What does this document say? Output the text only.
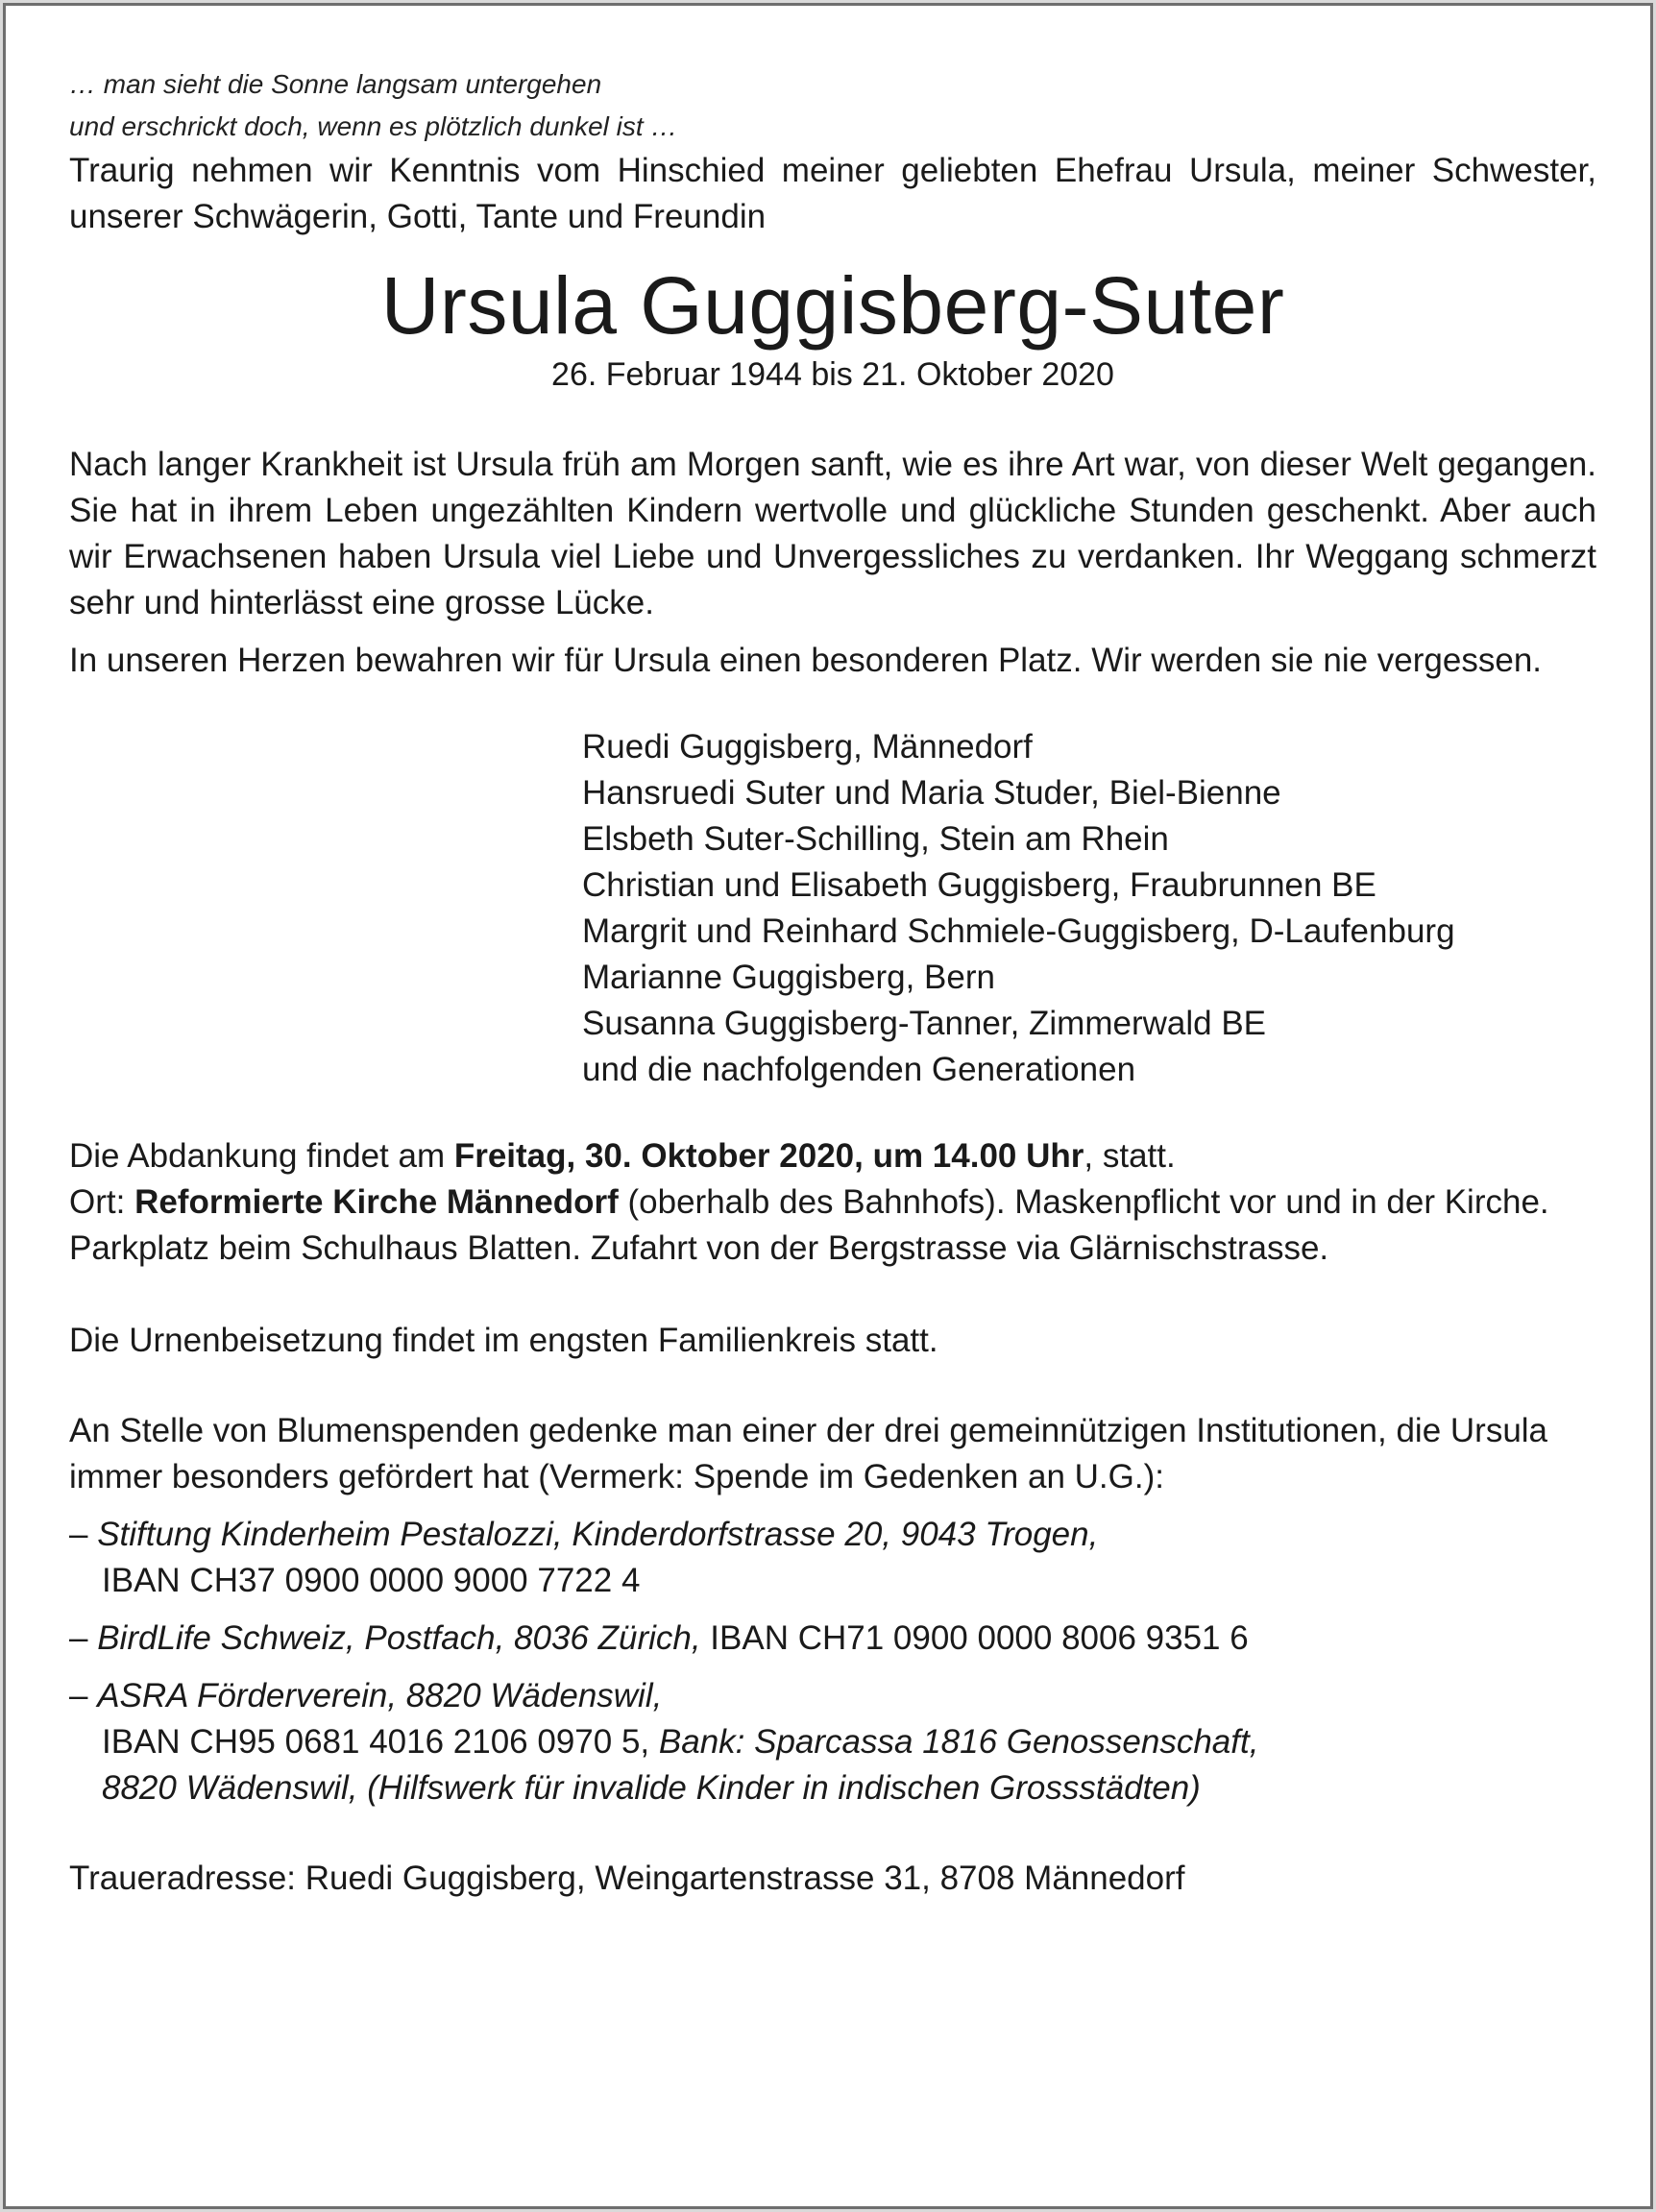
… man sieht die Sonne langsam untergehen
und erschrickt doch, wenn es plötzlich dunkel ist …

Traurig nehmen wir Kenntnis vom Hinschied meiner geliebten Ehefrau Ursula, meiner Schwester, unserer Schwägerin, Gotti, Tante und Freundin

Ursula Guggisberg-Suter
26. Februar 1944 bis 21. Oktober 2020

Nach langer Krankheit ist Ursula früh am Morgen sanft, wie es ihre Art war, von dieser Welt gegangen. Sie hat in ihrem Leben ungezählten Kindern wertvolle und glückliche Stunden geschenkt. Aber auch wir Erwachsenen haben Ursula viel Liebe und Unvergessliches zu verdanken. Ihr Weggang schmerzt sehr und hinterlässt eine grosse Lücke.

In unseren Herzen bewahren wir für Ursula einen besonderen Platz. Wir werden sie nie vergessen.

Ruedi Guggisberg, Männedorf
Hansruedi Suter und Maria Studer, Biel-Bienne
Elsbeth Suter-Schilling, Stein am Rhein
Christian und Elisabeth Guggisberg, Fraubrunnen BE
Margrit und Reinhard Schmiele-Guggisberg, D-Laufenburg
Marianne Guggisberg, Bern
Susanna Guggisberg-Tanner, Zimmerwald BE
und die nachfolgenden Generationen
Die Abdankung findet am Freitag, 30. Oktober 2020, um 14.00 Uhr, statt.
Ort: Reformierte Kirche Männedorf (oberhalb des Bahnhofs). Maskenpflicht vor und in der Kirche.
Parkplatz beim Schulhaus Blatten. Zufahrt von der Bergstrasse via Glärnischstrasse.
Die Urnenbeisetzung findet im engsten Familienkreis statt.
An Stelle von Blumenspenden gedenke man einer der drei gemeinnützigen Institutionen, die Ursula immer besonders gefördert hat (Vermerk: Spende im Gedenken an U.G.):
– Stiftung Kinderheim Pestalozzi, Kinderdorfstrasse 20, 9043 Trogen,
IBAN CH37 0900 0000 9000 7722 4
– BirdLife Schweiz, Postfach, 8036 Zürich, IBAN CH71 0900 0000 8006 9351 6
– ASRA Förderverein, 8820 Wädenswil,
IBAN CH95 0681 4016 2106 0970 5, Bank: Sparcassa 1816 Genossenschaft,
8820 Wädenswil, (Hilfswerk für invalide Kinder in indischen Grossstädten)
Traueradresse: Ruedi Guggisberg, Weingartenstrasse 31, 8708 Männedorf
